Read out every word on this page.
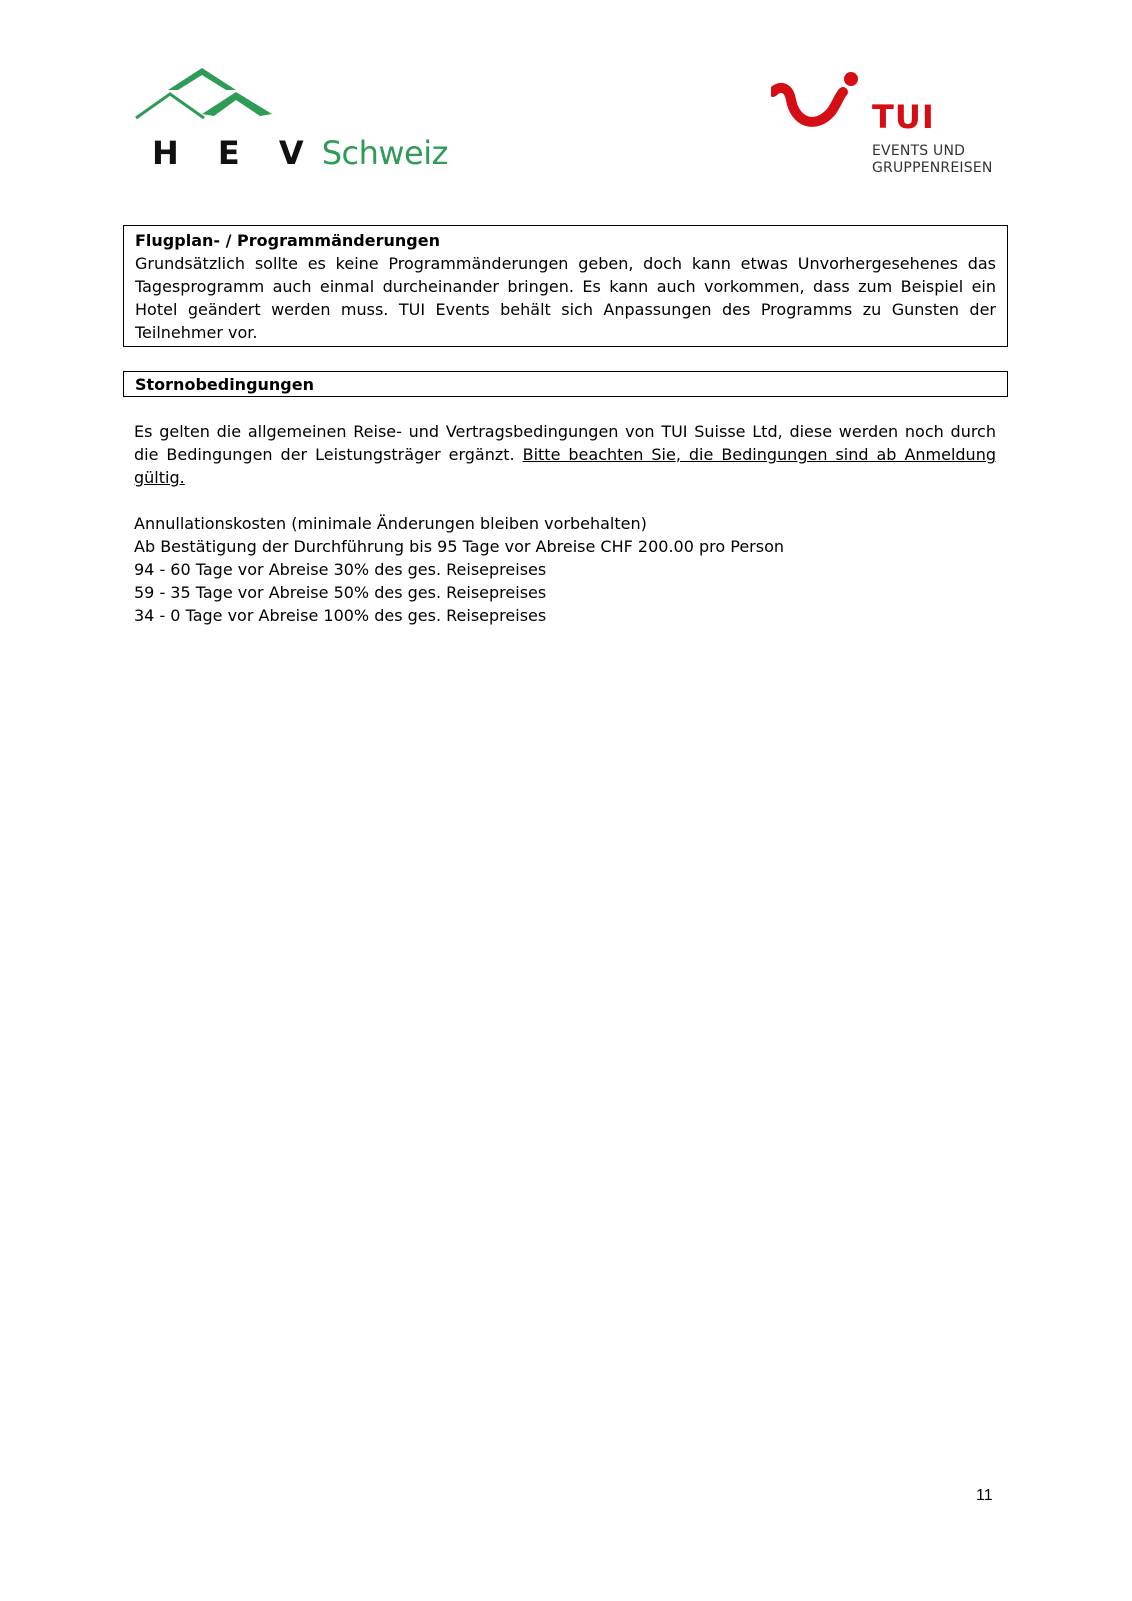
H E V Schweiz
TUI
EVENTS UND
GRUPPENREISEN
Flugplan- / Programmänderungen
Grundsätzlich sollte es keine Programmänderungen geben, doch kann etwas Unvorhergesehenes das Tagesprogramm auch einmal durcheinander bringen. Es kann auch vorkommen, dass zum Beispiel ein Hotel geändert werden muss. TUI Events behält sich Anpassungen des Programms zu Gunsten der Teilnehmer vor.
Stornobedingungen
Es gelten die allgemeinen Reise- und Vertragsbedingungen von TUI Suisse Ltd, diese werden noch durch die Bedingungen der Leistungsträger ergänzt. Bitte beachten Sie, die Bedingungen sind ab Anmeldung gültig.
Annullationskosten (minimale Änderungen bleiben vorbehalten)
Ab Bestätigung der Durchführung bis 95 Tage vor Abreise CHF 200.00 pro Person
94 - 60 Tage vor Abreise 30% des ges. Reisepreises
59 - 35 Tage vor Abreise 50% des ges. Reisepreises
34 - 0 Tage vor Abreise 100% des ges. Reisepreises
11
